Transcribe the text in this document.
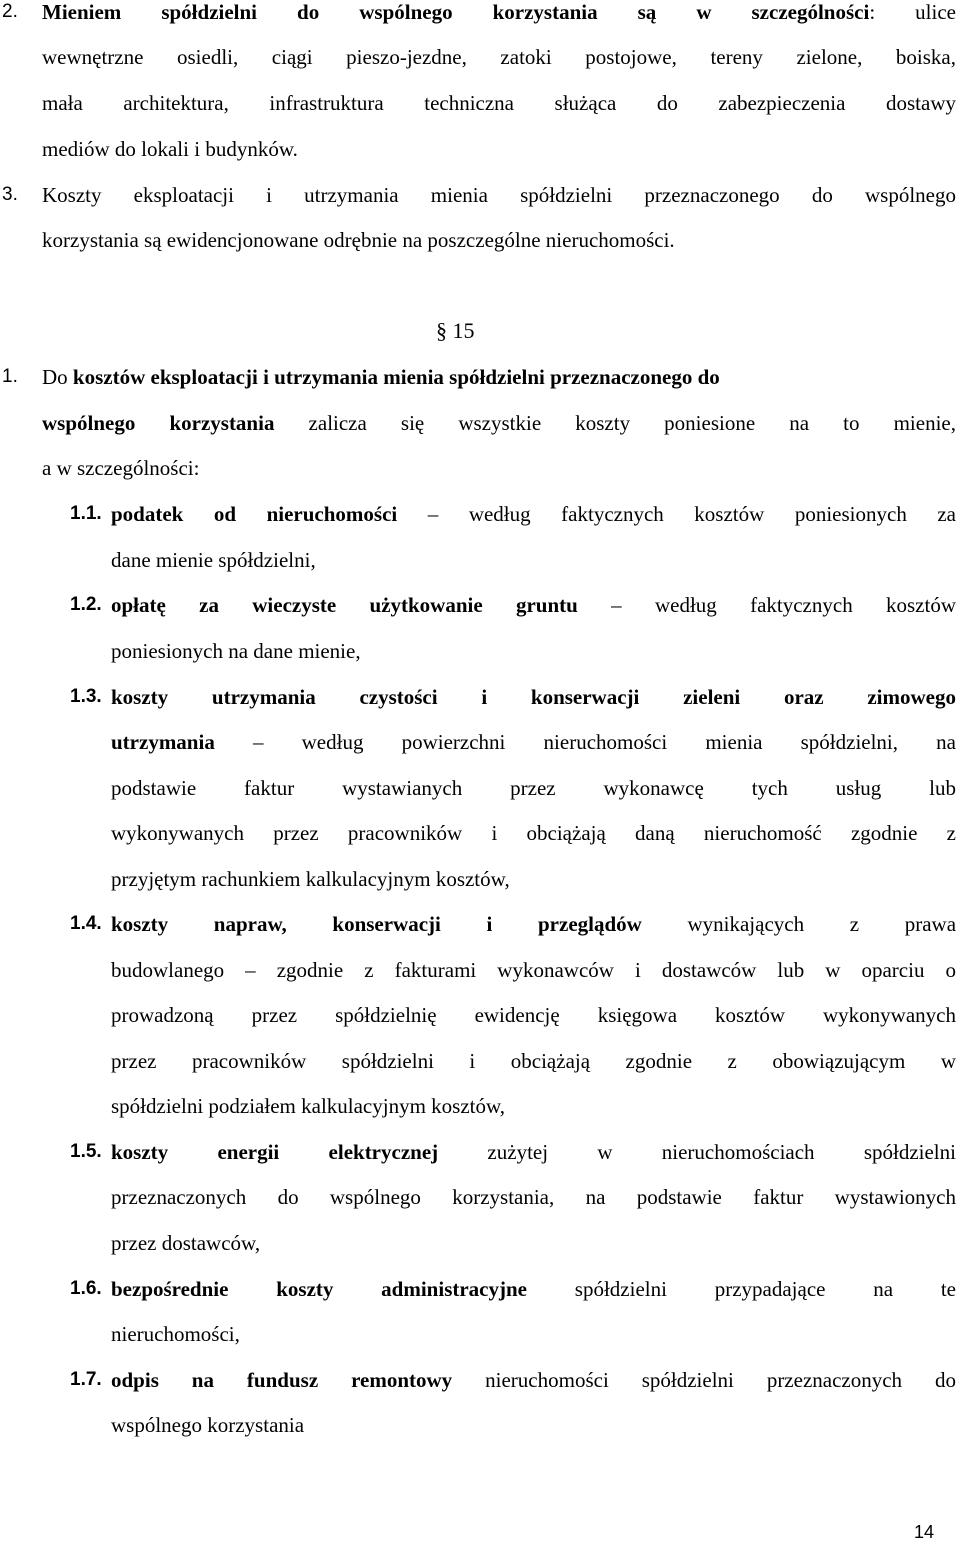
2. Mieniem spółdzielni do wspólnego korzystania są w szczególności: ulice
wewnętrzne osiedli, ciągi pieszo-jezdne, zatoki postojowe, tereny zielone, boiska,
mała architektura, infrastruktura techniczna służąca do zabezpieczenia dostawy
mediów do lokali i budynków.
3. Koszty eksploatacji i utrzymania mienia spółdzielni przeznaczonego do wspólnego
korzystania są ewidencjonowane odrębnie na poszczególne nieruchomości.
§ 15
1. Do kosztów eksploatacji i utrzymania mienia spółdzielni przeznaczonego do
wspólnego korzystania zalicza się wszystkie koszty poniesione na to mienie,
a w szczególności:
1.1. podatek od nieruchomości – według faktycznych kosztów poniesionych za
dane mienie spółdzielni,
1.2. opłatę za wieczyste użytkowanie gruntu – według faktycznych kosztów
poniesionych na dane mienie,
1.3. koszty utrzymania czystości i konserwacji zieleni oraz zimowego
utrzymania – według powierzchni nieruchomości mienia spółdzielni, na
podstawie faktur wystawianych przez wykonawcę tych usług lub
wykonywanych przez pracowników i obciążają daną nieruchomość zgodnie z
przyjętym rachunkiem kalkulacyjnym kosztów,
1.4. koszty napraw, konserwacji i przeglądów wynikających z prawa
budowlanego – zgodnie z fakturami wykonawców i dostawców lub w oparciu o
prowadzoną przez spółdzielnię ewidencję księgowa kosztów wykonywanych
przez pracowników spółdzielni i obciążają zgodnie z obowiązującym w
spółdzielni podziałem kalkulacyjnym kosztów,
1.5. koszty energii elektrycznej zużytej w nieruchomościach spółdzielni
przeznaczonych do wspólnego korzystania, na podstawie faktur wystawionych
przez dostawców,
1.6. bezpośrednie koszty administracyjne spółdzielni przypadające na te
nieruchomości,
1.7. odpis na fundusz remontowy nieruchomości spółdzielni przeznaczonych do
wspólnego korzystania
14
